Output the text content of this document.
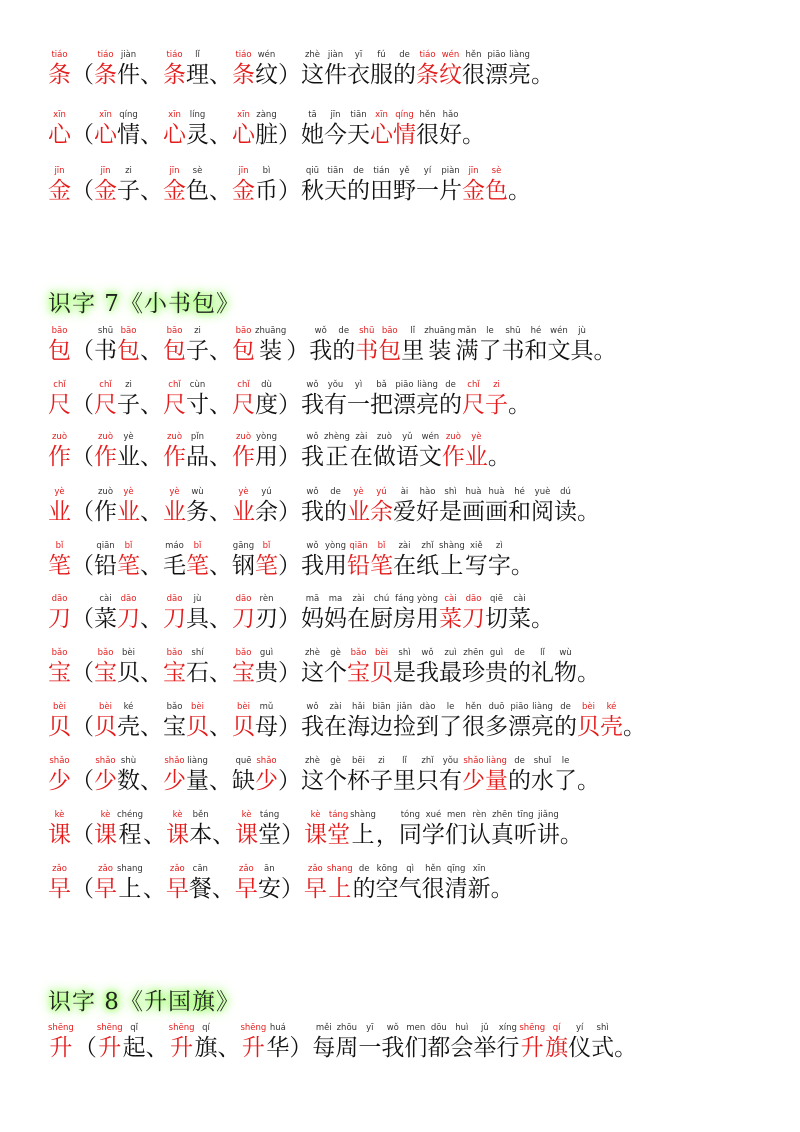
tiáo
条 （
tiáo
条
jiàn
件 、
tiáo
条
lǐ
理 、
tiáo
条
wén
纹 ）
zhè
这
jiàn
件
yī
衣
fú
服
de
的
tiáo
条
wén
纹
hěn
很
piāo
漂
liàng
亮 。
xīn
心 （
xīn
心
qíng
情 、
xīn
心
líng
灵 、
xīn
心
zàng
脏 ）
tā
她
jīn
今
tiān
天
xīn
心
qíng
情
hěn
很
hǎo
好 。
jīn
金 （
jīn
金
zi
子 、
jīn
金
sè
色 、
jīn
金
bì
币 ）
qiū
秋
tiān
天
de
的
tián
田
yě
野
yí
一
piàn
片
jīn
金
sè
色 。
识字 7《小书包》
bāo
包 （
shū
书
bāo
包 、
bāo
包
zi
子 、
bāo
包
zhuāng
装 ）
wǒ
我
de
的
shū
书
bāo
包
lǐ
里
zhuāng
装
mǎn
满
le
了
shū
书
hé
和
wén
文
jù
具 。
chǐ
尺 （
chǐ
尺
zi
子 、
chǐ
尺
cùn
寸 、
chǐ
尺
dù
度 ）
wǒ
我
yǒu
有
yì
一
bǎ
把
piāo
漂
liàng
亮
de
的
chǐ
尺
zi
子 。
zuò
作 （
zuò
作
yè
业 、
zuò
作
pǐn
品 、
zuò
作
yòng
用 ）
wǒ
我
zhèng
正
zài
在
zuò
做
yǔ
语
wén
文
zuò
作
yè
业 。
yè
业 （
zuò
作
yè
业 、
yè
业
wù
务 、
yè
业
yú
余 ）
wǒ
我
de
的
yè
业
yú
余
ài
爱
hào
好
shì
是
huà
画
huà
画
hé
和
yuè
阅
dú
读 。
bǐ
笔 （
qiān
铅
bǐ
笔 、
máo
毛
bǐ
笔 、
gāng
钢
bǐ
笔 ）
wǒ
我
yòng
用
qiān
铅
bǐ
笔
zài
在
zhǐ
纸
shàng
上
xiě
写
zì
字 。
dāo
刀 （
cài
菜
dāo
刀 、
dāo
刀
jù
具 、
dāo
刀
rèn
刃 ）
mā
妈
ma
妈
zài
在
chú
厨
fáng
房
yòng
用
cài
菜
dāo
刀
qiē
切
cài
菜 。
bǎo
宝 （
bǎo
宝
bèi
贝 、
bǎo
宝
shí
石 、
bǎo
宝
guì
贵 ）
zhè
这
gè
个
bǎo
宝
bèi
贝
shì
是
wǒ
我
zuì
最
zhēn
珍
guì
贵
de
的
lǐ
礼
wù
物 。
bèi
贝 （
bèi
贝
ké
壳 、
bǎo
宝
bèi
贝 、
bèi
贝
mǔ
母 ）
wǒ
我
zài
在
hǎi
海
biān
边
jiǎn
捡
dào
到
le
了
hěn
很
duō
多
piāo
漂
liàng
亮
de
的
bèi
贝
ké
壳 。
shǎo
少 （
shǎo
少
shù
数 、
shǎo
少
liàng
量 、
quē
缺
shǎo
少 ）
zhè
这
gè
个
bēi
杯
zi
子
lǐ
里
zhǐ
只
yǒu
有
shǎo
少
liàng
量
de
的
shuǐ
水
le
了 。
kè
课 （
kè
课
chéng
程 、
kè
课
běn
本 、
kè
课
táng
堂 ）
kè
课
táng
堂
shàng
上 ，
tóng
同
xué
学
men
们
rèn
认
zhēn
真
tīng
听
jiǎng
讲 。
zǎo
早 （
zǎo
早
shang
上 、
zǎo
早
cān
餐 、
zǎo
早
ān
安 ）
zǎo
早
shang
上
de
的
kōng
空
qì
气
hěn
很
qīng
清
xīn
新 。
识字 8《升国旗》
shēng
升 （
shēng
升
qǐ
起 、
shēng
升
qí
旗 、
shēng
升
huá
华 ）
měi
每
zhōu
周
yī
一
wǒ
我
men
们
dōu
都
huì
会
jǔ
举
xíng
行
shēng
升
qí
旗
yí
仪
shì
式 。
